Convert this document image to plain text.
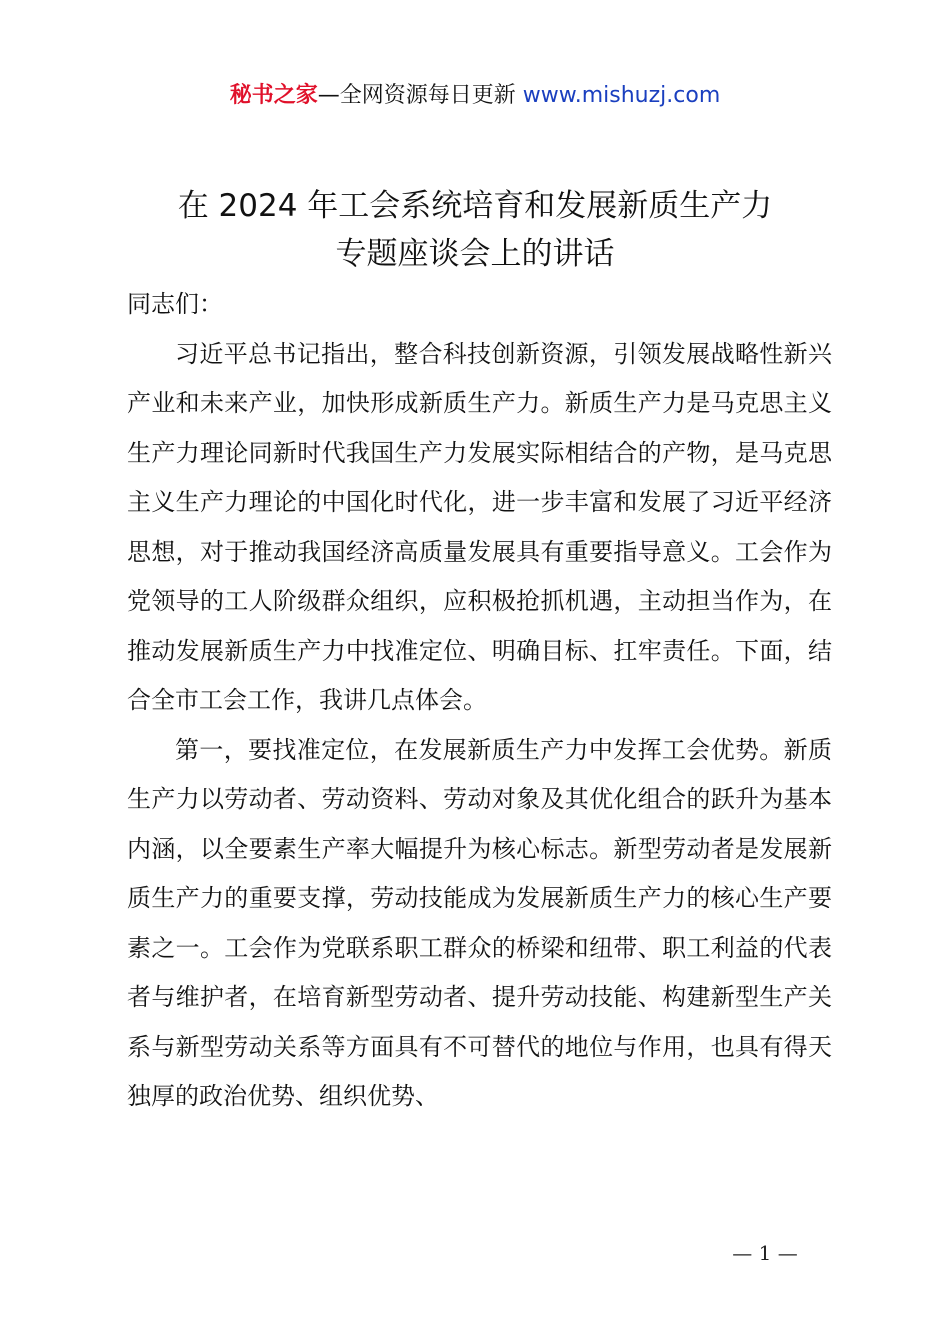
秘书之家—全网资源每日更新 www.mishuzj.com
在 2024 年工会系统培育和发展新质生产力
专题座谈会上的讲话

同志们：

习近平总书记指出，整合科技创新资源，引领发展战略性新兴产业和未来产业，加快形成新质生产力。新质生产力是马克思主义生产力理论同新时代我国生产力发展实际相结合的产物，是马克思主义生产力理论的中国化时代化，进一步丰富和发展了习近平经济思想，对于推动我国经济高质量发展具有重要指导意义。工会作为党领导的工人阶级群众组织，应积极抢抓机遇，主动担当作为，在推动发展新质生产力中找准定位、明确目标、扛牢责任。下面，结合全市工会工作，我讲几点体会。

第一，要找准定位，在发展新质生产力中发挥工会优势。新质生产力以劳动者、劳动资料、劳动对象及其优化组合的跃升为基本内涵，以全要素生产率大幅提升为核心标志。新型劳动者是发展新质生产力的重要支撑，劳动技能成为发展新质生产力的核心生产要素之一。工会作为党联系职工群众的桥梁和纽带、职工利益的代表者与维护者，在培育新型劳动者、提升劳动技能、构建新型生产关系与新型劳动关系等方面具有不可替代的地位与作用，也具有得天独厚的政治优势、组织优势、

— 1 —
